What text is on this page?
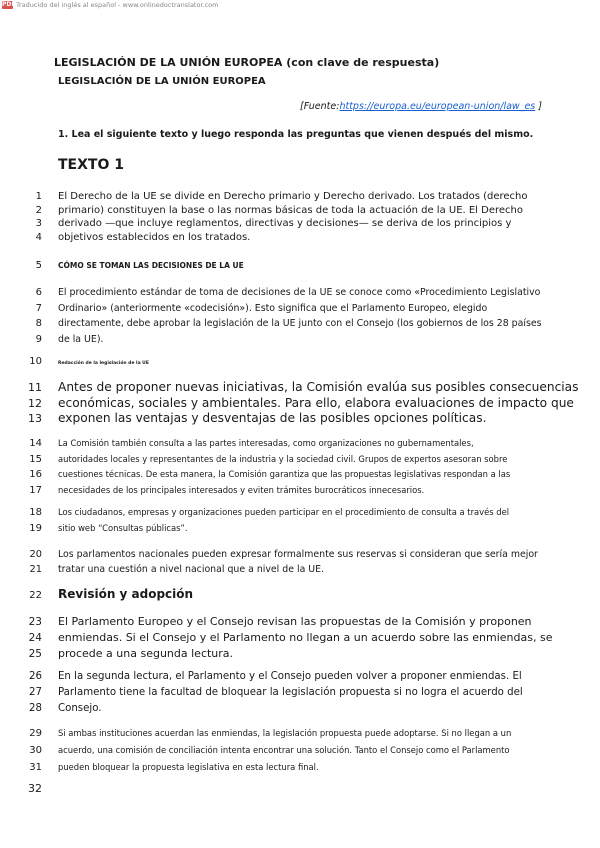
PDF Traducido del inglés al español - www.onlinedoctranslator.com
LEGISLACIÓN DE LA UNIÓN EUROPEA (con clave de respuesta)
LEGISLACIÓN DE LA UNIÓN EUROPEA
[Fuente:https://europa.eu/european-union/law_es ]
1. Lea el siguiente texto y luego responda las preguntas que vienen después del mismo.
TEXTO 1
1 El Derecho de la UE se divide en Derecho primario y Derecho derivado. Los tratados (derecho
2 primario) constituyen la base o las normas básicas de toda la actuación de la UE. El Derecho
3 derivado —que incluye reglamentos, directivas y decisiones— se deriva de los principios y
4 objetivos establecidos en los tratados.
5 CÓMO SE TOMAN LAS DECISIONES DE LA UE
6 El procedimiento estándar de toma de decisiones de la UE se conoce como «Procedimiento Legislativo
7 Ordinario» (anteriormente «codecisión»). Esto significa que el Parlamento Europeo, elegido
8 directamente, debe aprobar la legislación de la UE junto con el Consejo (los gobiernos de los 28 países
9 de la UE).
10	Redacción de la legislación de la UE
11 Antes de proponer nuevas iniciativas, la Comisión evalúa sus posibles consecuencias
12 económicas, sociales y ambientales. Para ello, elabora evaluaciones de impacto que
13 exponen las ventajas y desventajas de las posibles opciones políticas.
14 La Comisión también consulta a las partes interesadas, como organizaciones no gubernamentales,
15 autoridades locales y representantes de la industria y la sociedad civil. Grupos de expertos asesoran sobre
16 cuestiones técnicas. De esta manera, la Comisión garantiza que las propuestas legislativas respondan a las
17 necesidades de los principales interesados y eviten trámites burocráticos innecesarios.
18 Los ciudadanos, empresas y organizaciones pueden participar en el procedimiento de consulta a través del
19 sitio web “Consultas públicas”.
20 Los parlamentos nacionales pueden expresar formalmente sus reservas si consideran que sería mejor
21 tratar una cuestión a nivel nacional que a nivel de la UE.
22 Revisión y adopción
23 El Parlamento Europeo y el Consejo revisan las propuestas de la Comisión y proponen
24 enmiendas. Si el Consejo y el Parlamento no llegan a un acuerdo sobre las enmiendas, se
25 procede a una segunda lectura.
26 En la segunda lectura, el Parlamento y el Consejo pueden volver a proponer enmiendas. El
27 Parlamento tiene la facultad de bloquear la legislación propuesta si no logra el acuerdo del
28 Consejo.
29 Si ambas instituciones acuerdan las enmiendas, la legislación propuesta puede adoptarse. Si no llegan a un
30 acuerdo, una comisión de conciliación intenta encontrar una solución. Tanto el Consejo como el Parlamento
31 pueden bloquear la propuesta legislativa en esta lectura final.
32
